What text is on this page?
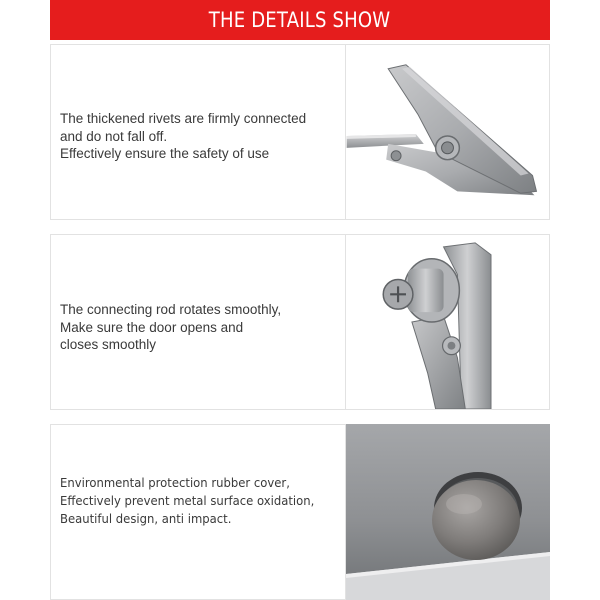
THE DETAILS SHOW
The thickened rivets are firmly connected
and do not fall off.
Effectively ensure the safety of use
The connecting rod rotates smoothly,
Make sure the door opens and
closes smoothly
Environmental protection rubber cover,
Effectively prevent metal surface oxidation,
Beautiful design, anti impact.
